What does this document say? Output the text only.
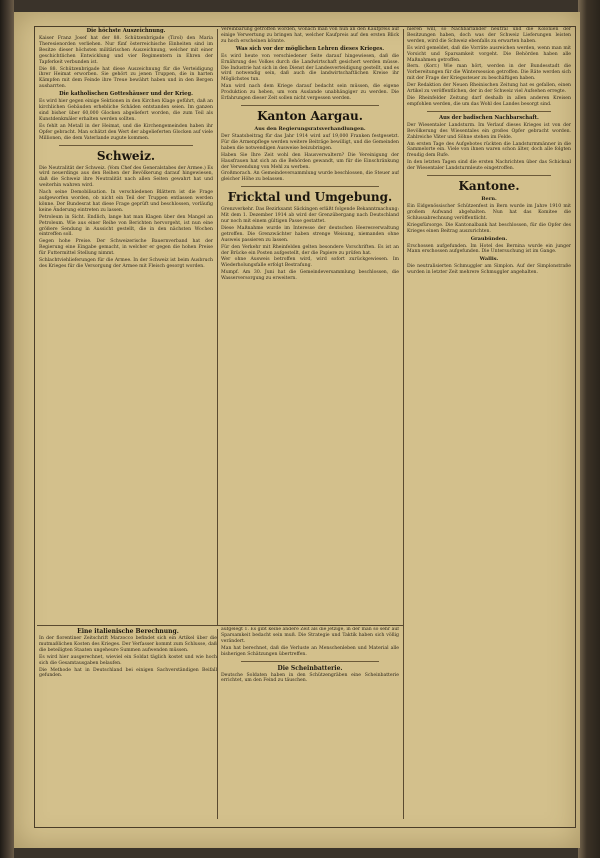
Die höchste Auszeichnung.

Kaiser Franz Josef hat der 88. Schützenbrigade (Tirol) den Maria Theresienorden verliehen. Nur fünf österreichische Einheiten sind im Besitze dieser höchsten militärischen Auszeichnung, welcher mit einer geschichtlichen Entwicklung und vier Regimentern in Ehren der Tapferkeit verbunden ist.

Die 88. Schützenbrigade hat diese Auszeichnung für die Verteidigung ihrer Heimat erworben. Sie gehört zu jenen Truppen, die in harten Kämpfen mit dem Feinde ihre Treue bewährt haben und in den Bergen ausharrten.

Die katholischen Gotteshäuser und der Krieg.

Es wird hier gegen einige Sektionen in den Kirchen Klage geführt, daß an kirchlichen Gebäuden erhebliche Schäden entstanden seien. Im ganzen sind bisher über 60,000 Glocken abgeliefert worden, die zum Teil als Kunstdenkmäler erhalten werden sollten.

Es fehlt an Metall in der Heimat, und die Kirchengemeinden haben ihr Opfer gebracht. Man schätzt den Wert der abgelieferten Glocken auf viele Millionen, die dem Vaterlande zugute kommen.

Schweiz.

Die Neutralität der Schweiz. (Vom Chef des Generalstabes der Armee.) Es wird neuerdings aus den Reihen der Bevölkerung darauf hingewiesen, daß die Schweiz ihre Neutralität nach allen Seiten gewahrt hat und weiterhin wahren wird.

Nach seine Demobilisation. In verschiedenen Blättern ist die Frage aufgeworfen worden, ob nicht ein Teil der Truppen entlassen werden könne. Der Bundesrat hat diese Frage geprüft und beschlossen, vorläufig keine Änderung eintreten zu lassen.

Petroleum in Sicht. Endlich, lange hat man Klagen über den Mangel an Petroleum. Wie aus einer Reihe von Berichten hervorgeht, ist nun eine größere Sendung in Aussicht gestellt, die in den nächsten Wochen eintreffen soll.

Gegen hohe Preise. Der Schweizerische Bauernverband hat der Regierung eine Eingabe gemacht, in welcher er gegen die hohen Preise für Futtermittel Stellung nimmt.

Schlachtviehlieferungen für die Armee. In der Schweiz ist beim Ausbruch des Krieges für die Versorgung der Armee mit Fleisch gesorgt worden.

Vereinbarung getroffen worden, wonach man von nun an den Kaufpreis auf einige Verwertung zu bringen hat, welcher Kaufpreis auf den ersten Blick zu hoch erscheinen könnte.

Was sich vor der möglichen Lehren dieses Krieges.

Es wird heute von verschiedener Seite darauf hingewiesen, daß die Ernährung des Volkes durch die Landwirtschaft gesichert werden müsse. Die Industrie hat sich in den Dienst der Landesverteidigung gestellt, und es wird notwendig sein, daß auch die landwirtschaftlichen Kreise ihr Möglichstes tun.

Man wird nach dem Kriege darauf bedacht sein müssen, die eigene Produktion zu heben, um vom Auslande unabhängiger zu werden. Die Erfahrungen dieser Zeit sollen nicht vergessen werden.

Kanton Aargau.
Aus den Regierungsratsverhandlungen.

Der Staatsbeitrag für das Jahr 1914 wird auf 19,000 Franken festgesetzt. Für die Armenpflege werden weitere Beiträge bewilligt, und die Gemeinden haben die notwendigen Ausweise beizubringen.

Haben Sie Ihre Zeit wohl den Hausverwaltern? Die Vereinigung der Hausfrauen hat sich an die Behörden gewandt, um für die Einschränkung der Verwendung von Mehl zu werben.

Großmorach. An Gemeindeversammlung wurde beschlossen, die Steuer auf gleicher Höhe zu belassen.

Fricktal und Umgebung.

Grenzverkehr. Das Bezirksamt Säckingen erläßt folgende Bekanntmachung: Mit dem 1. Dezember 1914 ab wird der Grenzübergang nach Deutschland nur noch mit einem gültigen Passe gestattet.

Diese Maßnahme wurde im Interesse der deutschen Heeresverwaltung getroffen. Die Grenzwächter haben strenge Weisung, niemanden ohne Ausweis passieren zu lassen.

Für den Verkehr mit Rheinfelden gelten besondere Vorschriften. Es ist an der Brücke ein Posten aufgestellt, der die Papiere zu prüfen hat.

Wer ohne Ausweis betroffen wird, wird sofort zurückgewiesen. Im Wiederholungsfalle erfolgt Bestrafung.

Mumpf. Am 30. Juni hat die Gemeindeversammlung beschlossen, die Wasserversorgung zu erweitern.

nieren will, so Nachbarländer neutral und die Kolonien der Besitzungen haben, doch was der Schweiz Lieferungen leisten werden, wird die Schweiz ebenfalls zu erwarten haben.

Es wird gemeldet, daß die Vorräte ausreichen werden, wenn man mit Vorsicht und Sparsamkeit vorgeht. Die Behörden haben alle Maßnahmen getroffen.

Bern. (Korr.) Wie man hört, werden in der Bundesstadt die Vorbereitungen für die Wintersession getroffen. Die Räte werden sich mit der Frage der Kriegssteuer zu beschäftigen haben.

Der Redaktion der Neuen Rheinischen Zeitung hat es gefallen, einen Artikel zu veröffentlichen, der in der Schweiz viel Aufsehen erregte.

Die Rheinfelder Zeitung darf deshalb in allen anderen Kreisen empfohlen werden, die um das Wohl des Landes besorgt sind.

Aus der badischen Nachbarschaft.

Der Wiesentaler Landsturm. Im Verlauf dieses Krieges ist von der Bevölkerung des Wiesentales ein großes Opfer gebracht worden. Zahlreiche Väter und Söhne stehen im Felde.

Am ersten Tage des Aufgebotes rückten die Landsturmmänner in die Sammelorte ein. Viele von ihnen waren schon älter, doch alle folgten freudig dem Rufe.

In den letzten Tagen sind die ersten Nachrichten über das Schicksal der Wiesentaler Landsturmleute eingetroffen.

Kantone.
Bern.

Ein Eidgenössischer Schützenfest in Bern wurde im Jahre 1910 mit großem Aufwand abgehalten. Nun hat das Komitee die Schlussabrechnung veröffentlicht.

Kriegsfürsorge. Die Kantonalbank hat beschlossen, für die Opfer des Krieges einen Beitrag auszurichten.

Graubünden.

Erschossen aufgefunden. Im Hotel des Bernina wurde ein junger Mann erschossen aufgefunden. Die Untersuchung ist im Gange.

Wallis.

Die neutralisierten Schmuggler am Simplon. Auf der Simplonstraße wurden in letzter Zeit mehrere Schmuggler angehalten.

Eine italienische Berechnung.

In der florentiner Zeitschrift Marzocco befindet sich ein Artikel über die mutmaßlichen Kosten des Krieges. Der Verfasser kommt zum Schlusse, daß die beteiligten Staaten ungeheure Summen aufwenden müssen.

Es wird hier ausgerechnet, wieviel ein Soldat täglich kostet und wie hoch sich die Gesamtausgaben belaufen.

Die Methode hat in Deutschland bei einigen Sachverständigen Beifall gefunden.

aufgelegt 1. Es gibt keine andere Zeit als die jetzige, in der man so sehr auf Sparsamkeit bedacht sein muß. Die Strategie und Taktik haben sich völlig verändert.

Man hat berechnet, daß die Verluste an Menschenleben und Material alle bisherigen Schätzungen übertreffen.

Die Scheinbatterie.

Deutsche Soldaten haben in den Schützengräben eine Scheinbatterie errichtet, um den Feind zu täuschen.
